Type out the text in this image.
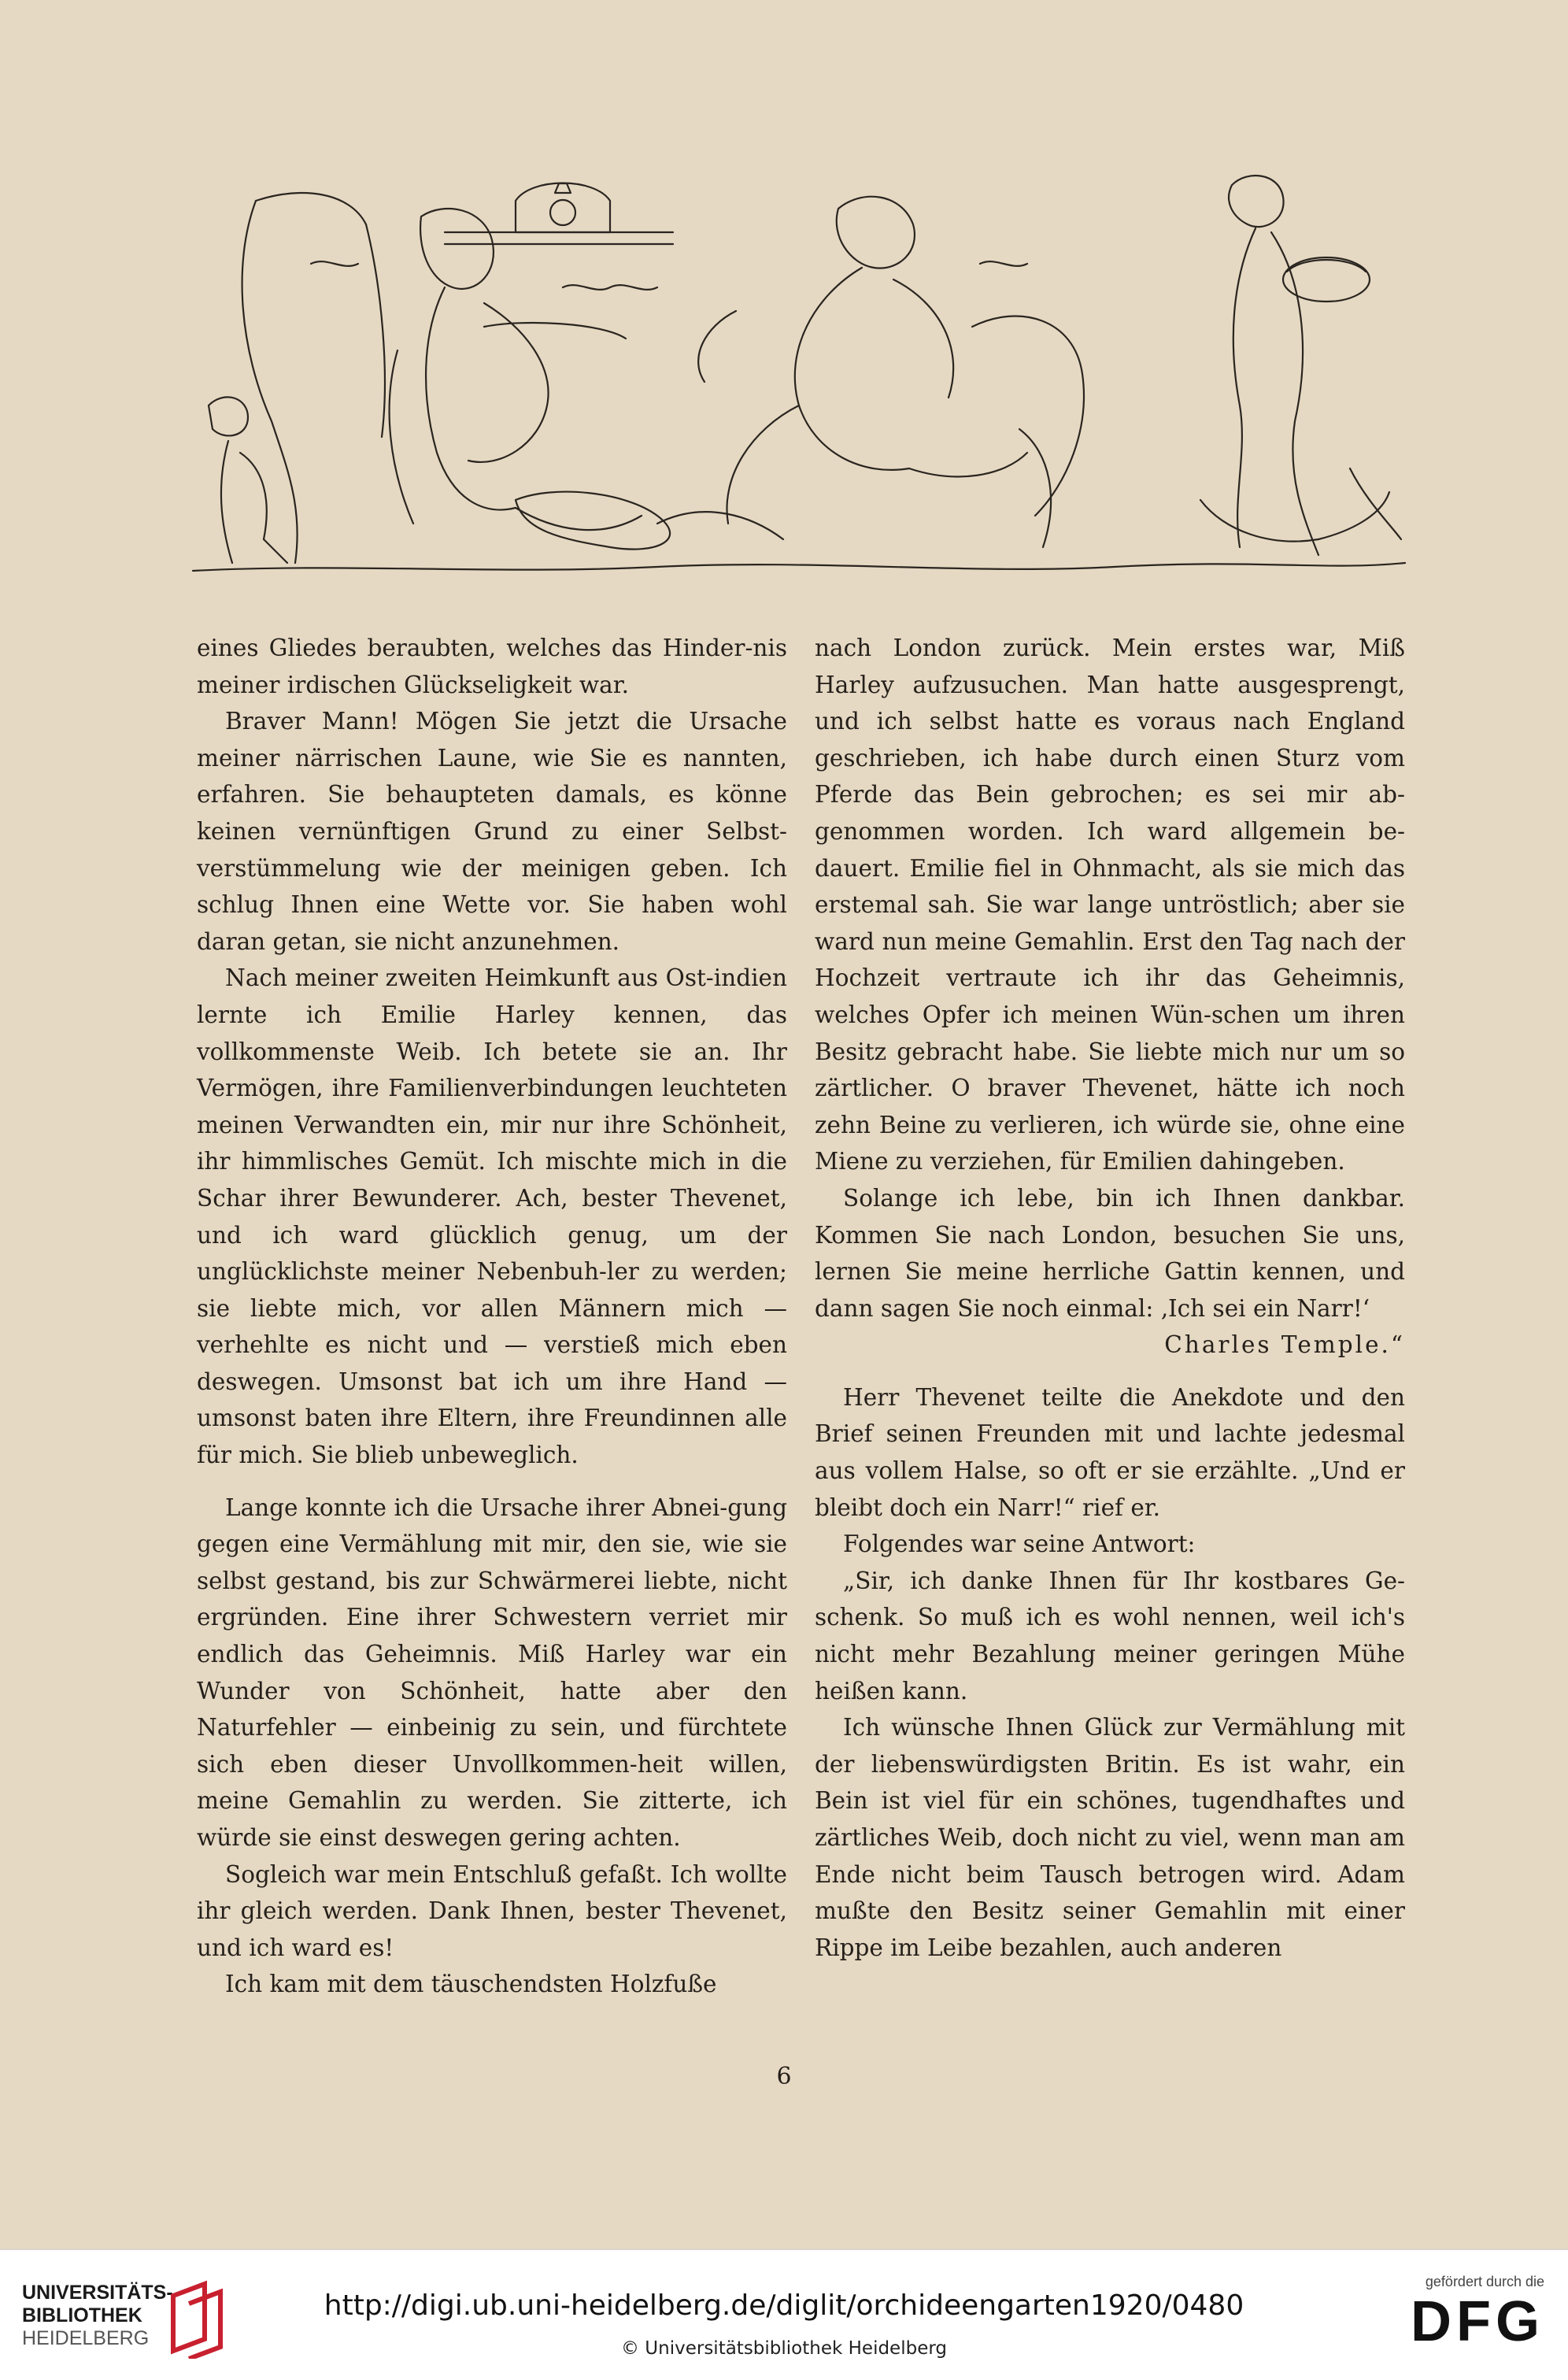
eines Gliedes beraubten, welches das Hinder-nis meiner irdischen Glückseligkeit war.

Braver Mann! Mögen Sie jetzt die Ursache meiner närrischen Laune, wie Sie es nannten, erfahren. Sie behaupteten damals, es könne keinen vernünftigen Grund zu einer Selbst-verstümmelung wie der meinigen geben. Ich schlug Ihnen eine Wette vor. Sie haben wohl daran getan, sie nicht anzunehmen.

Nach meiner zweiten Heimkunft aus Ost-indien lernte ich Emilie Harley kennen, das vollkommenste Weib. Ich betete sie an. Ihr Vermögen, ihre Familienverbindungen leuchteten meinen Verwandten ein, mir nur ihre Schönheit, ihr himmlisches Gemüt. Ich mischte mich in die Schar ihrer Bewunderer. Ach, bester Thevenet, und ich ward glücklich genug, um der unglücklichste meiner Nebenbuh-ler zu werden; sie liebte mich, vor allen Männern mich — verhehlte es nicht und — verstieß mich eben deswegen. Umsonst bat ich um ihre Hand — umsonst baten ihre Eltern, ihre Freundinnen alle für mich. Sie blieb unbeweglich.

Lange konnte ich die Ursache ihrer Abnei-gung gegen eine Vermählung mit mir, den sie, wie sie selbst gestand, bis zur Schwärmerei liebte, nicht ergründen. Eine ihrer Schwestern verriet mir endlich das Geheimnis. Miß Harley war ein Wunder von Schönheit, hatte aber den Naturfehler — einbeinig zu sein, und fürchtete sich eben dieser Unvollkommen-heit willen, meine Gemahlin zu werden. Sie zitterte, ich würde sie einst deswegen gering achten.

Sogleich war mein Entschluß gefaßt. Ich wollte ihr gleich werden. Dank Ihnen, bester Thevenet, und ich ward es!

Ich kam mit dem täuschendsten Holzfuße

nach London zurück. Mein erstes war, Miß Harley aufzusuchen. Man hatte ausgesprengt, und ich selbst hatte es voraus nach England geschrieben, ich habe durch einen Sturz vom Pferde das Bein gebrochen; es sei mir ab-genommen worden. Ich ward allgemein be-dauert. Emilie fiel in Ohnmacht, als sie mich das erstemal sah. Sie war lange untröstlich; aber sie ward nun meine Gemahlin. Erst den Tag nach der Hochzeit vertraute ich ihr das Geheimnis, welches Opfer ich meinen Wün-schen um ihren Besitz gebracht habe. Sie liebte mich nur um so zärtlicher. O braver Thevenet, hätte ich noch zehn Beine zu verlieren, ich würde sie, ohne eine Miene zu verziehen, für Emilien dahingeben.

Solange ich lebe, bin ich Ihnen dankbar. Kommen Sie nach London, besuchen Sie uns, lernen Sie meine herrliche Gattin kennen, und dann sagen Sie noch einmal: ‚Ich sei ein Narr!‘

Charles Temple.“

Herr Thevenet teilte die Anekdote und den Brief seinen Freunden mit und lachte jedesmal aus vollem Halse, so oft er sie erzählte. „Und er bleibt doch ein Narr!“ rief er.

Folgendes war seine Antwort:

„Sir, ich danke Ihnen für Ihr kostbares Ge-schenk. So muß ich es wohl nennen, weil ich's nicht mehr Bezahlung meiner geringen Mühe heißen kann.

Ich wünsche Ihnen Glück zur Vermählung mit der liebenswürdigsten Britin. Es ist wahr, ein Bein ist viel für ein schönes, tugendhaftes und zärtliches Weib, doch nicht zu viel, wenn man am Ende nicht beim Tausch betrogen wird. Adam mußte den Besitz seiner Gemahlin mit einer Rippe im Leibe bezahlen, auch anderen

6
UNIVERSITÄTS-
BIBLIOTHEK
HEIDELBERG
http://digi.ub.uni-heidelberg.de/diglit/orchideengarten1920/0480
© Universitätsbibliothek Heidelberg
gefördert durch die
DFG
